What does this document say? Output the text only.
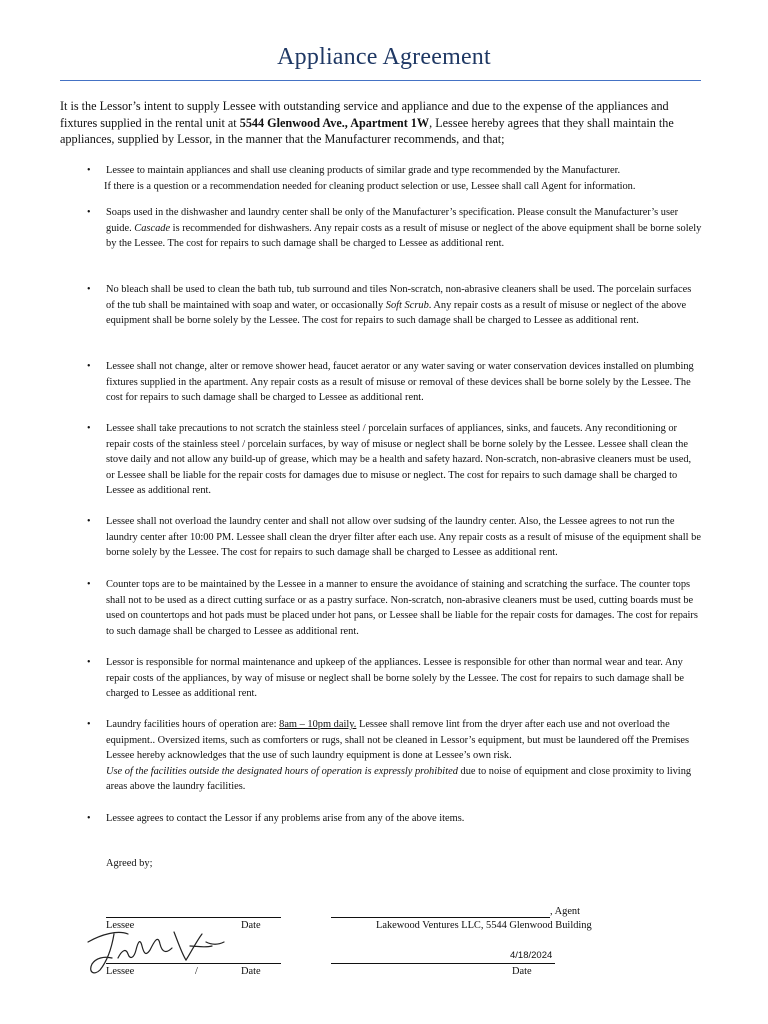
Appliance Agreement
It is the Lessor’s intent to supply Lessee with outstanding service and appliance and due to the expense of the appliances and fixtures supplied in the rental unit at 5544 Glenwood Ave., Apartment 1W, Lessee hereby agrees that they shall maintain the appliances, supplied by Lessor, in the manner that the Manufacturer recommends, and that;
• Lessee to maintain appliances and shall use cleaning products of similar grade and type recommended by the Manufacturer.
If there is a question or a recommendation needed for cleaning product selection or use, Lessee shall call Agent for information.
• Soaps used in the dishwasher and laundry center shall be only of the Manufacturer’s specification. Please consult the Manufacturer’s user guide. Cascade is recommended for dishwashers. Any repair costs as a result of misuse or neglect of the above equipment shall be borne solely by the Lessee. The cost for repairs to such damage shall be charged to Lessee as additional rent.
• No bleach shall be used to clean the bath tub, tub surround and tiles Non-scratch, non-abrasive cleaners shall be used. The porcelain surfaces of the tub shall be maintained with soap and water, or occasionally Soft Scrub. Any repair costs as a result of misuse or neglect of the above equipment shall be borne solely by the Lessee. The cost for repairs to such damage shall be charged to Lessee as additional rent.
• Lessee shall not change, alter or remove shower head, faucet aerator or any water saving or water conservation devices installed on plumbing fixtures supplied in the apartment. Any repair costs as a result of misuse or removal of these devices shall be borne solely by the Lessee. The cost for repairs to such damage shall be charged to Lessee as additional rent.
• Lessee shall take precautions to not scratch the stainless steel / porcelain surfaces of appliances, sinks, and faucets. Any reconditioning or repair costs of the stainless steel / porcelain surfaces, by way of misuse or neglect shall be borne solely by the Lessee. Lessee shall clean the stove daily and not allow any build-up of grease, which may be a health and safety hazard. Non-scratch, non-abrasive cleaners must be used, or Lessee shall be liable for the repair costs for damages due to misuse or neglect. The cost for repairs to such damage shall be charged to Lessee as additional rent.
• Lessee shall not overload the laundry center and shall not allow over sudsing of the laundry center. Also, the Lessee agrees to not run the laundry center after 10:00 PM. Lessee shall clean the dryer filter after each use. Any repair costs as a result of misuse of the equipment shall be borne solely by the Lessee. The cost for repairs to such damage shall be charged to Lessee as additional rent.
• Counter tops are to be maintained by the Lessee in a manner to ensure the avoidance of staining and scratching the surface. The counter tops shall not to be used as a direct cutting surface or as a pastry surface. Non-scratch, non-abrasive cleaners must be used, cutting boards must be used on countertops and hot pads must be placed under hot pans, or Lessee shall be liable for the repair costs for damages. The cost for repairs to such damage shall be charged to Lessee as additional rent.
• Lessor is responsible for normal maintenance and upkeep of the appliances. Lessee is responsible for other than normal wear and tear. Any repair costs of the appliances, by way of misuse or neglect shall be borne solely by the Lessee. The cost for repairs to such damage shall be charged to Lessee as additional rent.
• Laundry facilities hours of operation are: 8am – 10pm daily. Lessee shall remove lint from the dryer after each use and not overload the equipment.. Oversized items, such as comforters or rugs, shall not be cleaned in Lessor’s equipment, but must be laundered off the Premises Lessee hereby acknowledges that the use of such laundry equipment is done at Lessee’s own risk.
Use of the facilities outside the designated hours of operation is expressly prohibited due to noise of equipment and close proximity to living areas above the laundry facilities.
• Lessee agrees to contact the Lessor if any problems arise from any of the above items.
Agreed by;
Lessee	Date
, Agent
Lakewood Ventures LLC, 5544 Glenwood Building
Lessee	/	Date
4/18/2024
Date
